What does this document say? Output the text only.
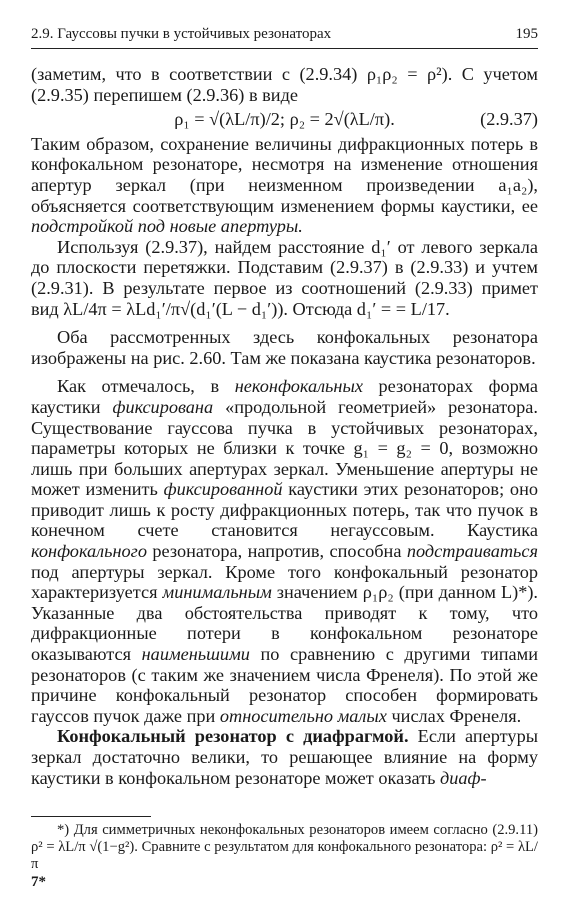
2.9. Гауссовы пучки в устойчивых резонаторах	195

(заметим, что в соответствии с (2.9.34) ρ₁ρ₂ = ρ²). С учетом (2.9.35) перепишем (2.9.36) в виде

ρ₁ = √(λL/π)/2; ρ₂ = 2√(λL/π).	(2.9.37)

Таким образом, сохранение величины дифракционных потерь в конфокальном резонаторе, несмотря на изменение отношения апертур зеркал (при неизменном произведении a₁a₂), объясняется соответствующим изменением формы каустики, ее подстройкой под новые апертуры.

Используя (2.9.37), найдем расстояние d₁′ от левого зеркала до плоскости перетяжки. Подставим (2.9.37) в (2.9.33) и учтем (2.9.31). В результате первое из соотношений (2.9.33) примет вид λL/4π = λLd₁′/π√(d₁′(L − d₁′)). Отсюда d₁′ = = L/17.

Оба рассмотренных здесь конфокальных резонатора изображены на рис. 2.60. Там же показана каустика резонаторов.

Как отмечалось, в неконфокальных резонаторах форма каустики фиксирована «продольной геометрией» резонатора. Существование гауссова пучка в устойчивых резонаторах, параметры которых не близки к точке g₁ = g₂ = 0, возможно лишь при больших апертурах зеркал. Уменьшение апертуры не может изменить фиксированной каустики этих резонаторов; оно приводит лишь к росту дифракционных потерь, так что пучок в конечном счете становится негауссовым. Каустика конфокального резонатора, напротив, способна подстраиваться под апертуры зеркал. Кроме того конфокальный резонатор характеризуется минимальным значением ρ₁ρ₂ (при данном L)*). Указанные два обстоятельства приводят к тому, что дифракционные потери в конфокальном резонаторе оказываются наименьшими по сравнению с другими типами резонаторов (с таким же значением числа Френеля). По этой же причине конфокальный резонатор способен формировать гауссов пучок даже при относительно малых числах Френеля.

Конфокальный резонатор с диафрагмой. Если апертуры зеркал достаточно велики, то решающее влияние на форму каустики в конфокальном резонаторе может оказать диаф-

*) Для симметричных неконфокальных резонаторов имеем согласно (2.9.11) ρ² = λL/π √(1−g²). Сравните с результатом для конфокального резонатора: ρ² = λL/π

7*
